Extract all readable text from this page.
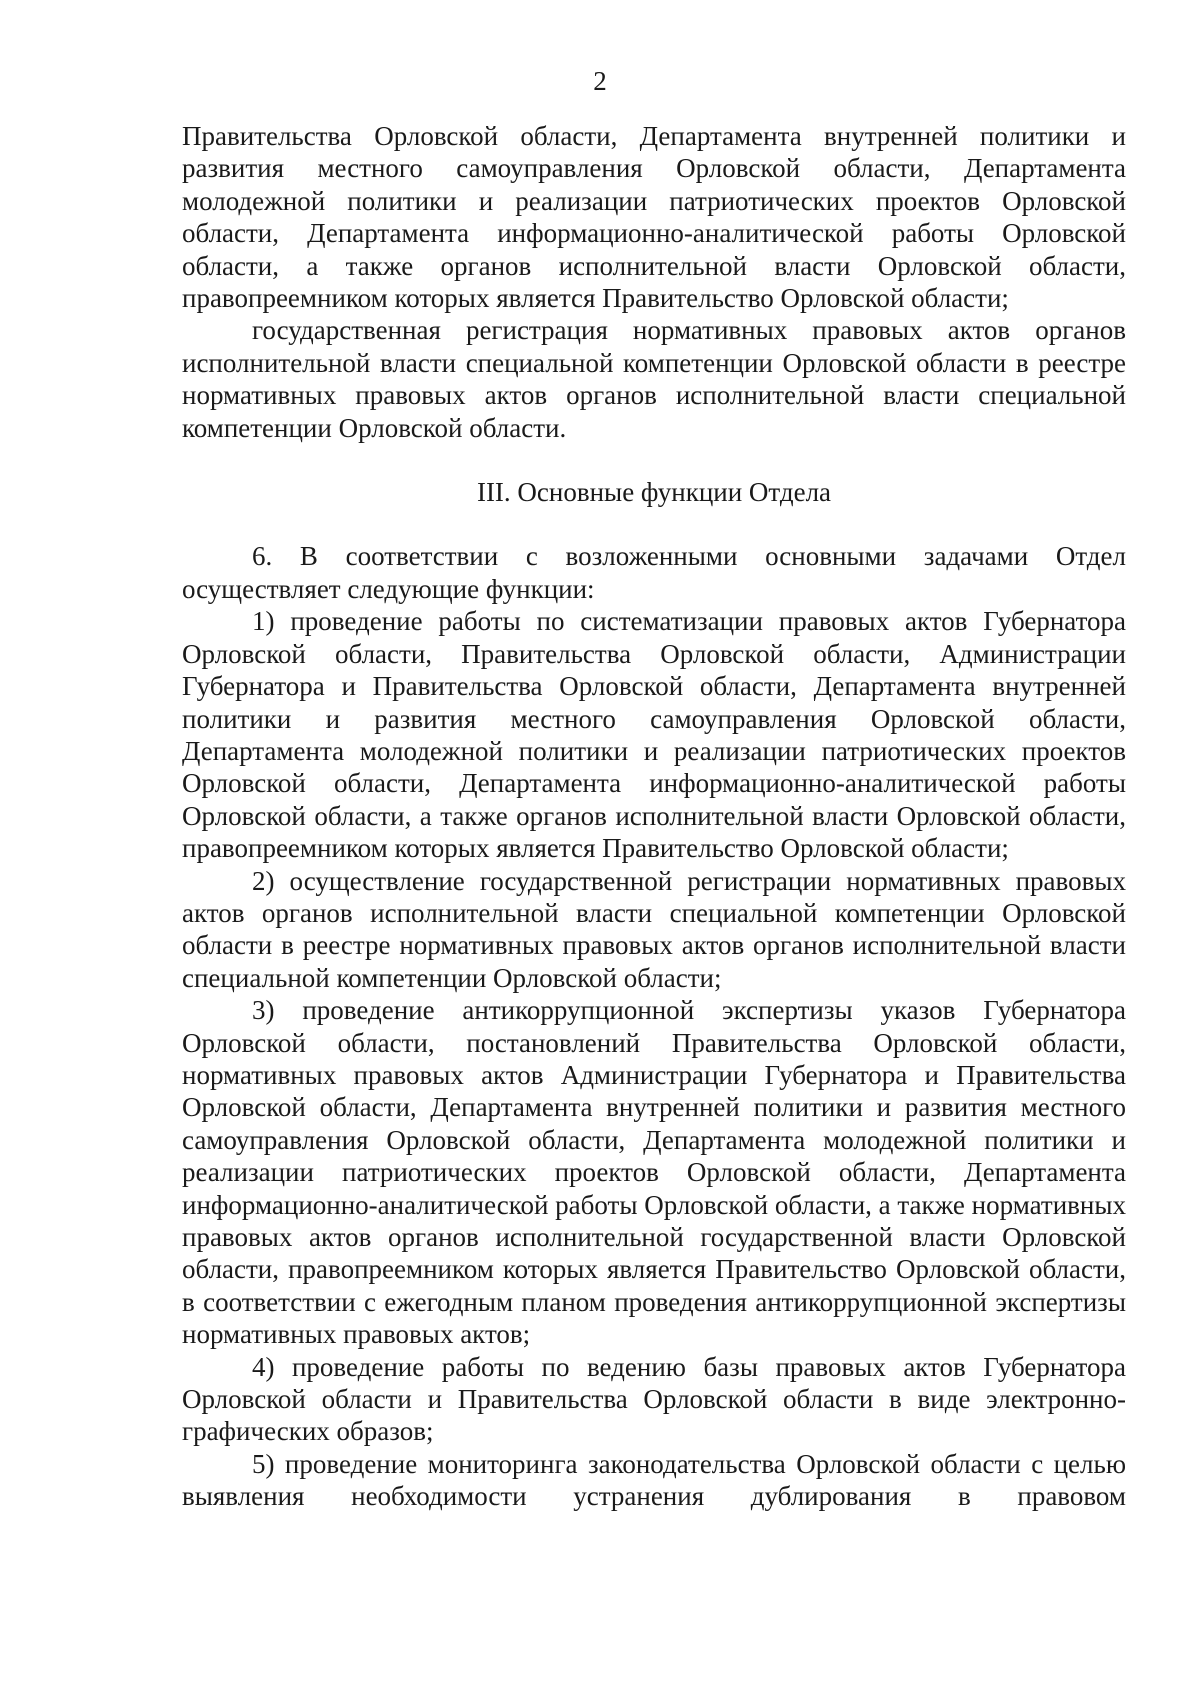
2

Правительства Орловской области, Департамента внутренней политики и развития местного самоуправления Орловской области, Департамента молодежной политики и реализации патриотических проектов Орловской области, Департамента информационно-аналитической работы Орловской области, а также органов исполнительной власти Орловской области, правопреемником которых является Правительство Орловской области;

государственная регистрация нормативных правовых актов органов исполнительной власти специальной компетенции Орловской области в реестре нормативных правовых актов органов исполнительной власти специальной компетенции Орловской области.

III. Основные функции Отдела

6. В соответствии с возложенными основными задачами Отдел осуществляет следующие функции:

1) проведение работы по систематизации правовых актов Губернатора Орловской области, Правительства Орловской области, Администрации Губернатора и Правительства Орловской области, Департамента внутренней политики и развития местного самоуправления Орловской области, Департамента молодежной политики и реализации патриотических проектов Орловской области, Департамента информационно-аналитической работы Орловской области, а также органов исполнительной власти Орловской области, правопреемником которых является Правительство Орловской области;

2) осуществление государственной регистрации нормативных правовых актов органов исполнительной власти специальной компетенции Орловской области в реестре нормативных правовых актов органов исполнительной власти специальной компетенции Орловской области;

3) проведение антикоррупционной экспертизы указов Губернатора Орловской области, постановлений Правительства Орловской области, нормативных правовых актов Администрации Губернатора и Правительства Орловской области, Департамента внутренней политики и развития местного самоуправления Орловской области, Департамента молодежной политики и реализации патриотических проектов Орловской области, Департамента информационно-аналитической работы Орловской области, а также нормативных правовых актов органов исполнительной государственной власти Орловской области, правопреемником которых является Правительство Орловской области, в соответствии с ежегодным планом проведения антикоррупционной экспертизы нормативных правовых актов;

4) проведение работы по ведению базы правовых актов Губернатора Орловской области и Правительства Орловской области в виде электронно-графических образов;

5) проведение мониторинга законодательства Орловской области с целью выявления необходимости устранения дублирования в правовом
